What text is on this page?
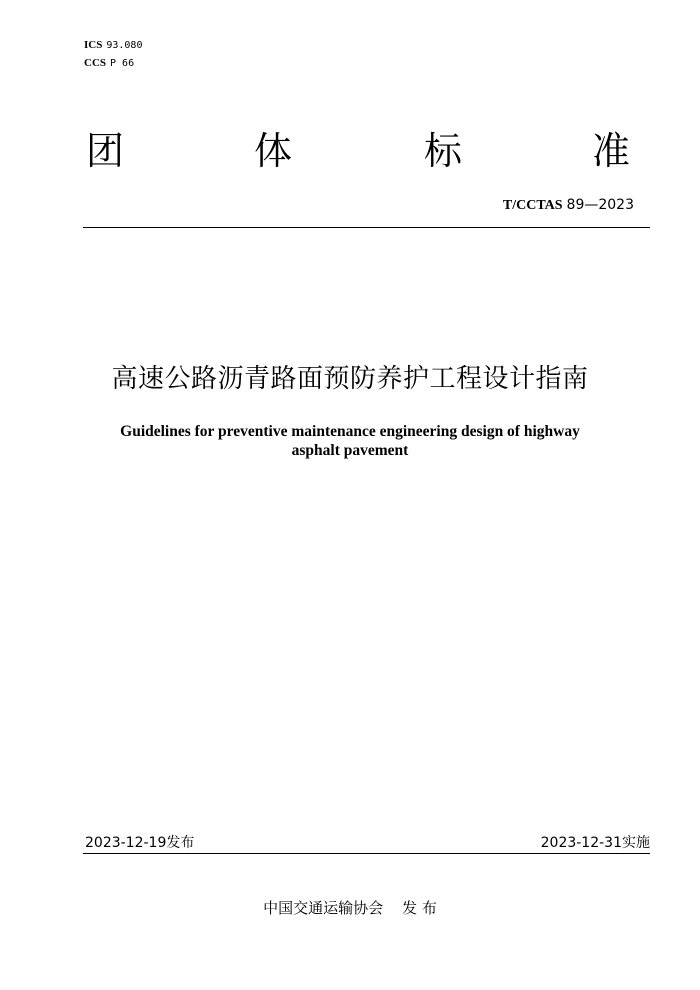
ICS 93.080
CCS P 66
团	体	标	准
T/CCTAS 89—2023
高速公路沥青路面预防养护工程设计指南
Guidelines for preventive maintenance engineering design of highway
asphalt pavement
2023-12-19发布	2023-12-31实施
中国交通运输协会    发 布
